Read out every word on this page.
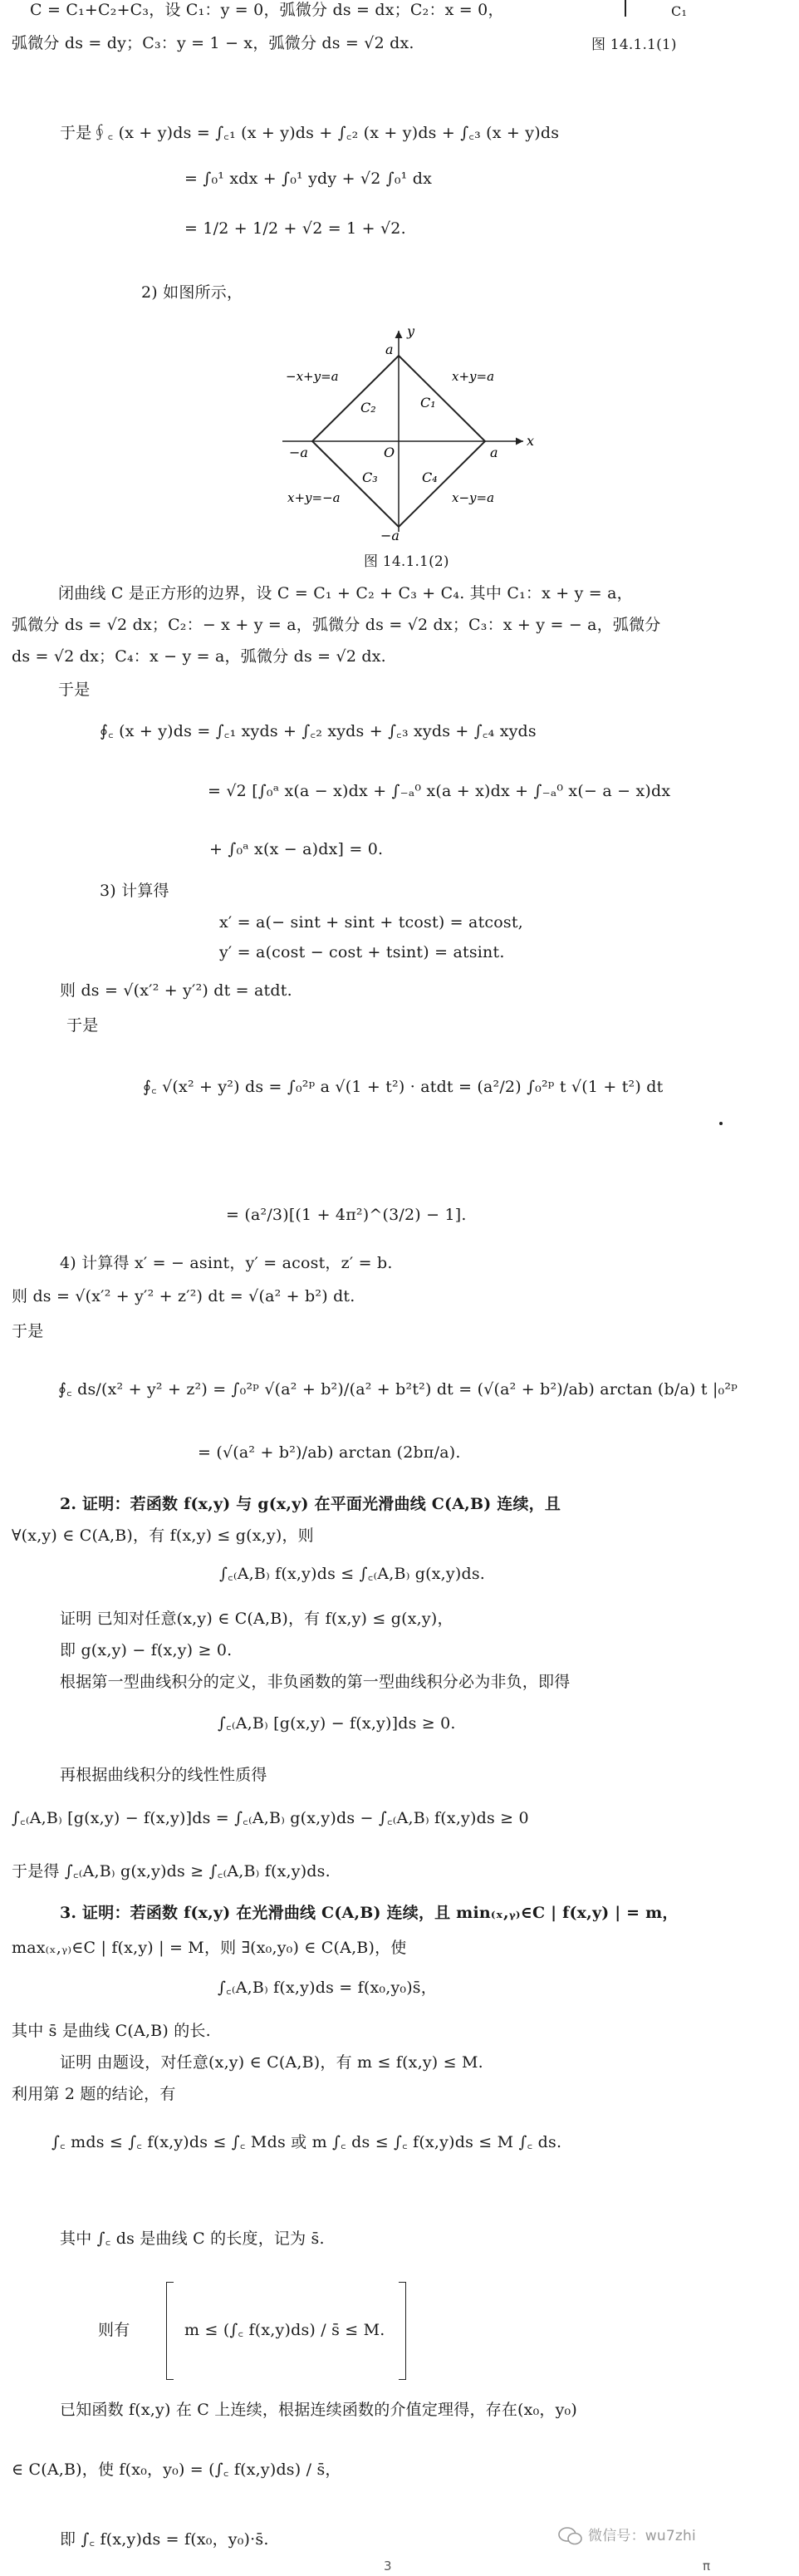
C = C₁+C₂+C₃，设 C₁：y = 0，弧微分 ds = dx；C₂：x = 0，
弧微分 ds = dy；C₃：y = 1 − x，弧微分 ds = √2 dx.	图 14.1.1(1)
C₁
于是∮꜀ (x + y)ds = ∫꜀₁ (x + y)ds + ∫꜀₂ (x + y)ds + ∫꜀₃ (x + y)ds
= ∫₀¹ xdx + ∫₀¹ ydy + √2 ∫₀¹ dx
= 1/2 + 1/2 + √2 = 1 + √2.
2) 如图所示，
y
x
a
a
−a
−a
O
C₁
C₂
C₃	C₄
x+y=a
−x+y=a
x+y=−a	x−y=a
图 14.1.1(2)
闭曲线 C 是正方形的边界，设 C = C₁ + C₂ + C₃ + C₄. 其中 C₁：x + y = a，
弧微分 ds = √2 dx；C₂：− x + y = a，弧微分 ds = √2 dx；C₃：x + y = − a，弧微分
ds = √2 dx；C₄：x − y = a，弧微分 ds = √2 dx.
于是
∮꜀ (x + y)ds = ∫꜀₁ xyds + ∫꜀₂ xyds + ∫꜀₃ xyds + ∫꜀₄ xyds
= √2 [∫₀ᵃ x(a − x)dx + ∫₋ₐ⁰ x(a + x)dx + ∫₋ₐ⁰ x(− a − x)dx
+ ∫₀ᵃ x(x − a)dx] = 0.
3) 计算得
x′ = a(− sint + sint + tcost) = atcost,
y′ = a(cost − cost + tsint) = atsint.
则 ds = √(x′² + y′²) dt = atdt.
于是
∮꜀ √(x² + y²) ds = ∫₀²ᵖ a √(1 + t²) · atdt = (a²/2) ∫₀²ᵖ t √(1 + t²) dt
= (a²/3)[(1 + 4π²)^(3/2) − 1].
4) 计算得 x′ = − asint，y′ = acost，z′ = b.
则 ds = √(x′² + y′² + z′²) dt = √(a² + b²) dt.
于是
∮꜀ ds/(x² + y² + z²) = ∫₀²ᵖ √(a² + b²)/(a² + b²t²) dt = (√(a² + b²)/ab) arctan (b/a) t |₀²ᵖ
= (√(a² + b²)/ab) arctan (2bπ/a).
2. 证明：若函数 f(x,y) 与 g(x,y) 在平面光滑曲线 C(A,B) 连续，且
∀(x,y) ∈ C(A,B)，有 f(x,y) ≤ g(x,y)，则
∫꜀₍A,B₎ f(x,y)ds ≤ ∫꜀₍A,B₎ g(x,y)ds.
证明 已知对任意(x,y) ∈ C(A,B)，有 f(x,y) ≤ g(x,y)，
即 g(x,y) − f(x,y) ≥ 0.
根据第一型曲线积分的定义，非负函数的第一型曲线积分必为非负，即得
∫꜀₍A,B₎ [g(x,y) − f(x,y)]ds ≥ 0.
再根据曲线积分的线性性质得
∫꜀₍A,B₎ [g(x,y) − f(x,y)]ds = ∫꜀₍A,B₎ g(x,y)ds − ∫꜀₍A,B₎ f(x,y)ds ≥ 0
于是得 ∫꜀₍A,B₎ g(x,y)ds ≥ ∫꜀₍A,B₎ f(x,y)ds.
3. 证明：若函数 f(x,y) 在光滑曲线 C(A,B) 连续，且 min₍ₓ,ᵧ₎∈C | f(x,y) | = m，
max₍ₓ,ᵧ₎∈C | f(x,y) | = M，则 ∃(x₀,y₀) ∈ C(A,B)，使
∫꜀₍A,B₎ f(x,y)ds = f(x₀,y₀)s̄，
其中 s̄ 是曲线 C(A,B) 的长.
证明 由题设，对任意(x,y) ∈ C(A,B)，有 m ≤ f(x,y) ≤ M.
利用第 2 题的结论，有
∫꜀ mds ≤ ∫꜀ f(x,y)ds ≤ ∫꜀ Mds 或 m ∫꜀ ds ≤ ∫꜀ f(x,y)ds ≤ M ∫꜀ ds.
其中 ∫꜀ ds 是曲线 C 的长度，记为 s̄.
则有	m ≤ (∫꜀ f(x,y)ds) / s̄ ≤ M.
已知函数 f(x,y) 在 C 上连续，根据连续函数的介值定理得，存在(x₀，y₀)
∈ C(A,B)，使 f(x₀，y₀) = (∫꜀ f(x,y)ds) / s̄，
即 ∫꜀ f(x,y)ds = f(x₀，y₀)·s̄.	微信号：wu7zhi
3	π
